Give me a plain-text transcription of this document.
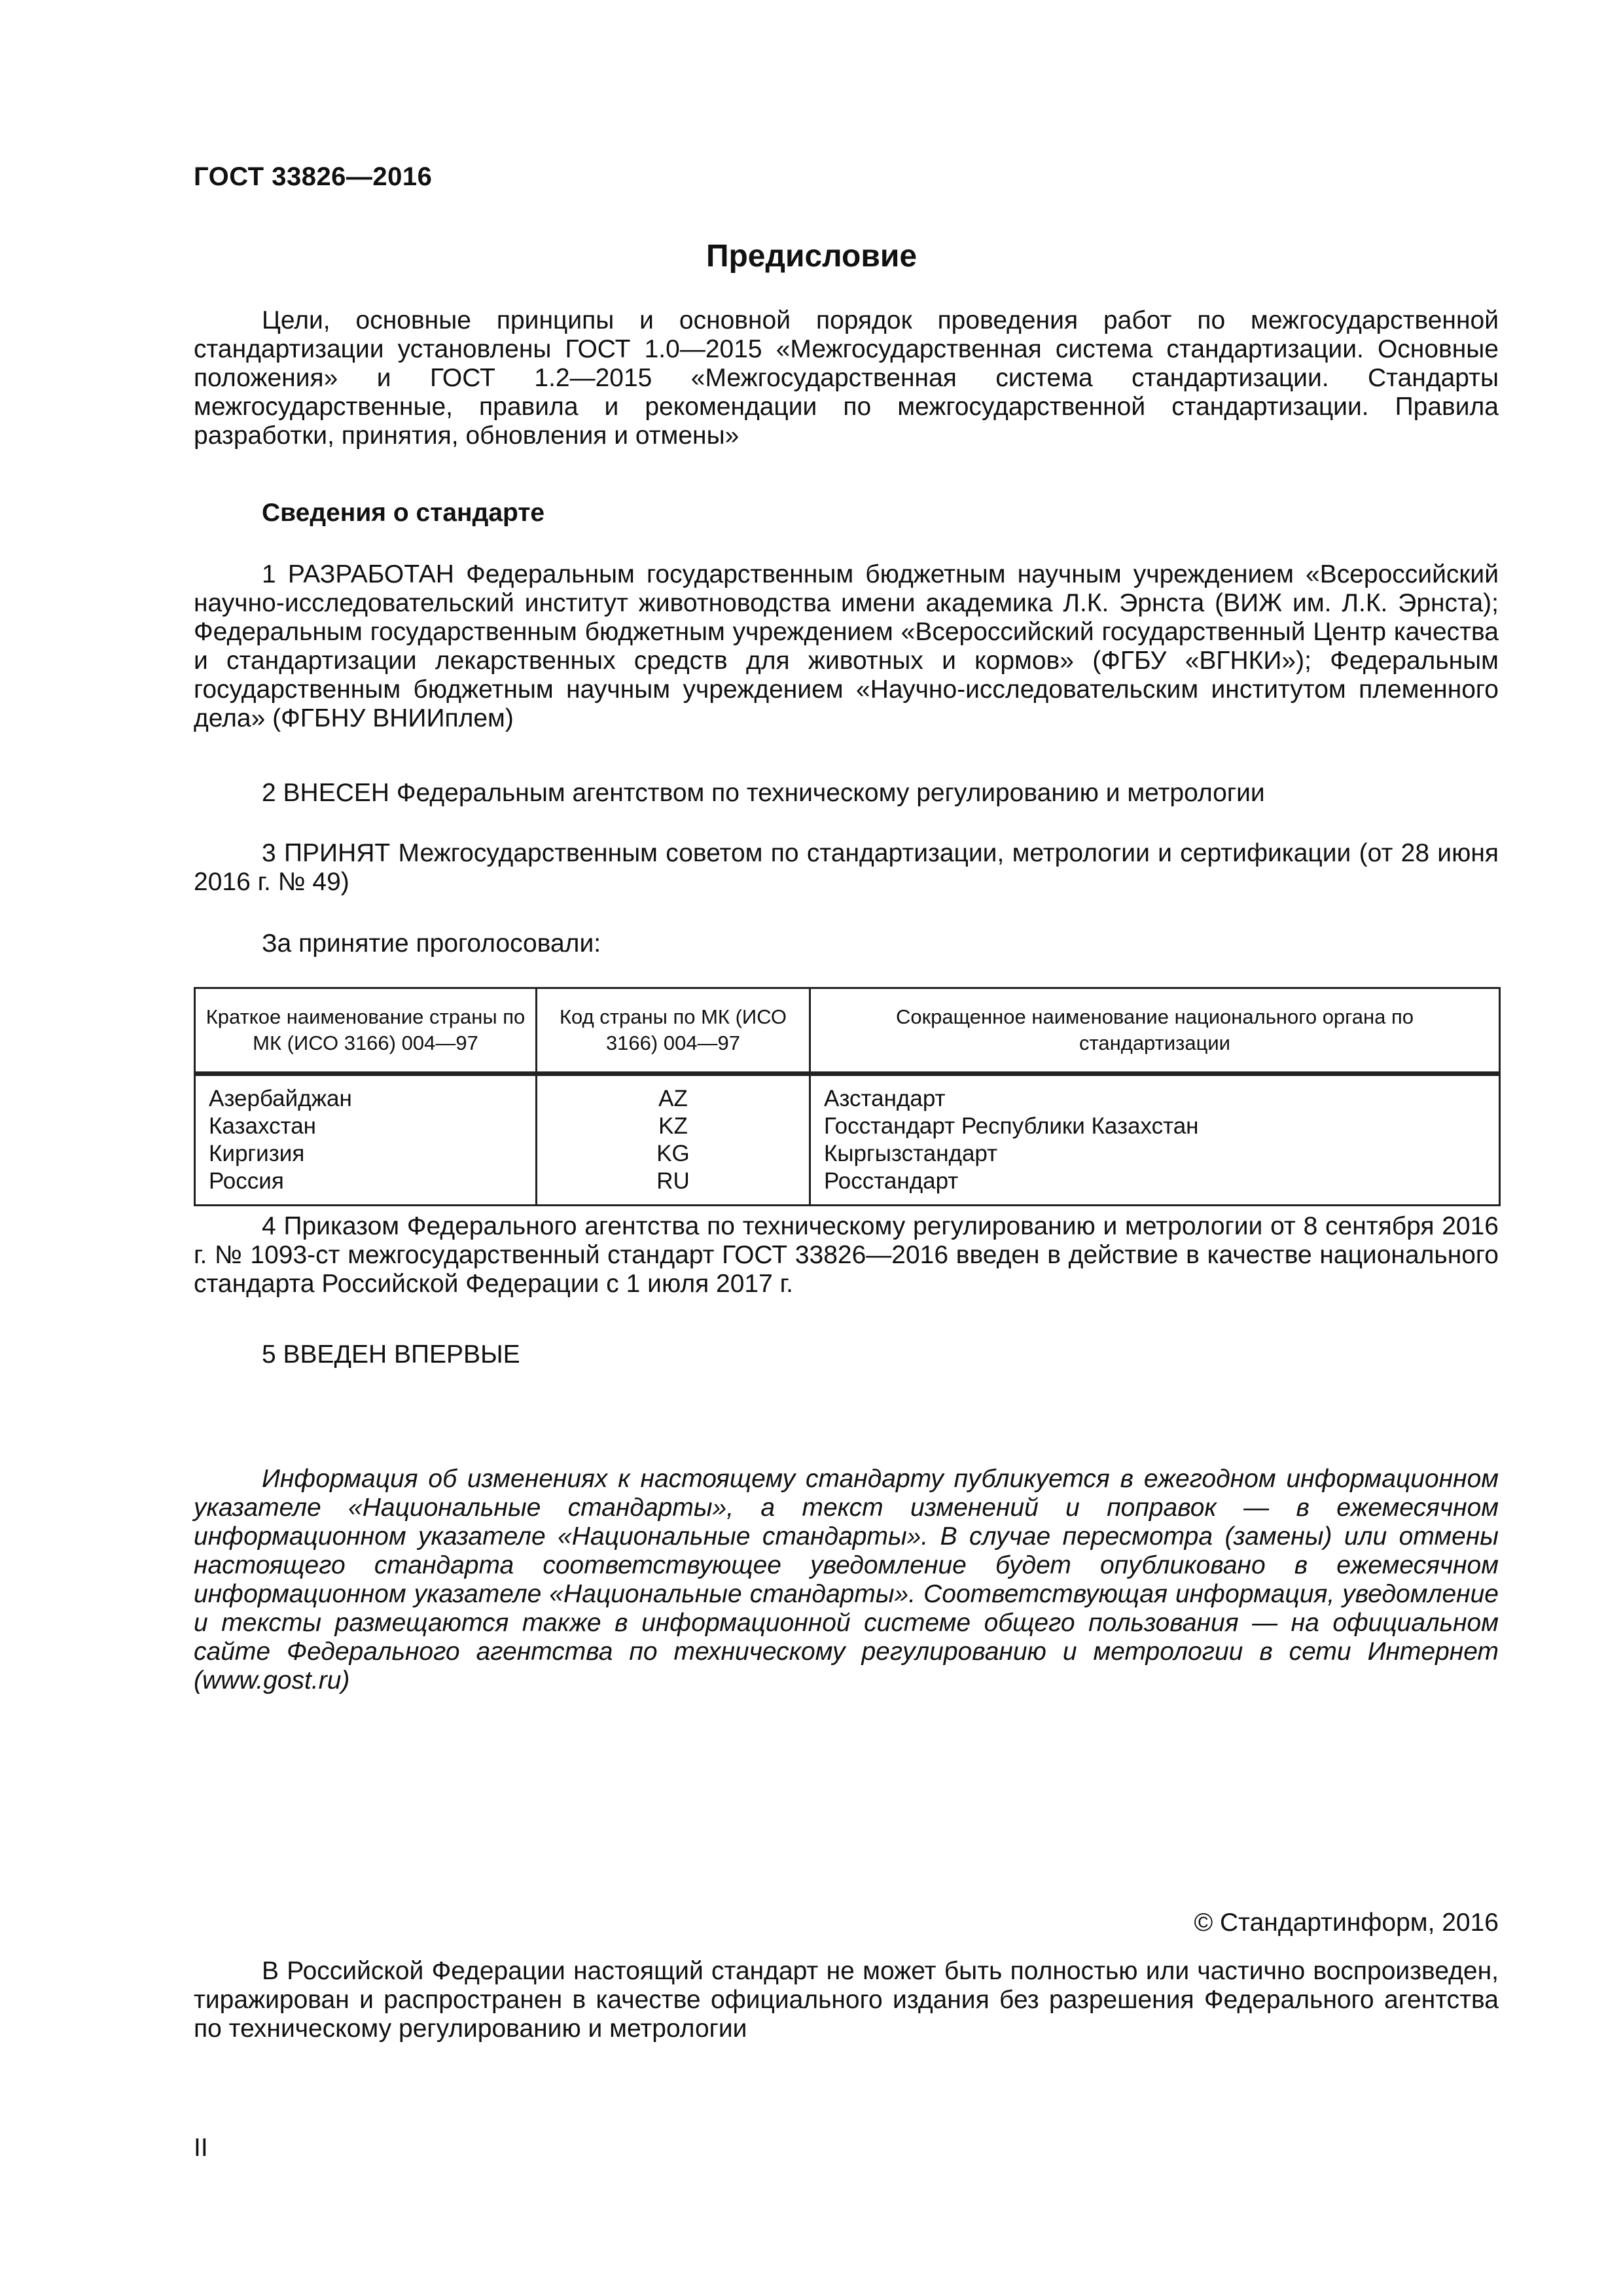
ГОСТ 33826—2016
Предисловие
Цели, основные принципы и основной порядок проведения работ по межгосударственной стандартизации установлены ГОСТ 1.0—2015 «Межгосударственная система стандартизации. Основные положения» и ГОСТ 1.2—2015 «Межгосударственная система стандартизации. Стандарты межгосударственные, правила и рекомендации по межгосударственной стандартизации. Правила разработки, принятия, обновления и отмены»
Сведения о стандарте
1 РАЗРАБОТАН Федеральным государственным бюджетным научным учреждением «Всероссийский научно-исследовательский институт животноводства имени академика Л.К. Эрнста (ВИЖ им. Л.К. Эрнста); Федеральным государственным бюджетным учреждением «Всероссийский государственный Центр качества и стандартизации лекарственных средств для животных и кормов» (ФГБУ «ВГНКИ»); Федеральным государственным бюджетным научным учреждением «Научно-исследовательским институтом племенного дела» (ФГБНУ ВНИИплем)
2 ВНЕСЕН Федеральным агентством по техническому регулированию и метрологии
3 ПРИНЯТ Межгосударственным советом по стандартизации, метрологии и сертификации (от 28 июня 2016 г. № 49)
За принятие проголосовали:
Краткое наименование страны по МК (ИСО 3166) 004—97	Код страны по МК (ИСО 3166) 004—97	Сокращенное наименование национального органа по стандартизации
Азербайджан	AZ	Азстандарт
Казахстан	KZ	Госстандарт Республики Казахстан
Киргизия	KG	Кыргызстандарт
Россия	RU	Росстандарт
4 Приказом Федерального агентства по техническому регулированию и метрологии от 8 сентября 2016 г. № 1093-ст межгосударственный стандарт ГОСТ 33826—2016 введен в действие в качестве национального стандарта Российской Федерации с 1 июля 2017 г.
5 ВВЕДЕН ВПЕРВЫЕ
Информация об изменениях к настоящему стандарту публикуется в ежегодном информационном указателе «Национальные стандарты», а текст изменений и поправок — в ежемесячном информационном указателе «Национальные стандарты». В случае пересмотра (замены) или отмены настоящего стандарта соответствующее уведомление будет опубликовано в ежемесячном информационном указателе «Национальные стандарты». Соответствующая информация, уведомление и тексты размещаются также в информационной системе общего пользования — на официальном сайте Федерального агентства по техническому регулированию и метрологии в сети Интернет (www.gost.ru)
© Стандартинформ, 2016
В Российской Федерации настоящий стандарт не может быть полностью или частично воспроизведен, тиражирован и распространен в качестве официального издания без разрешения Федерального агентства по техническому регулированию и метрологии
II
